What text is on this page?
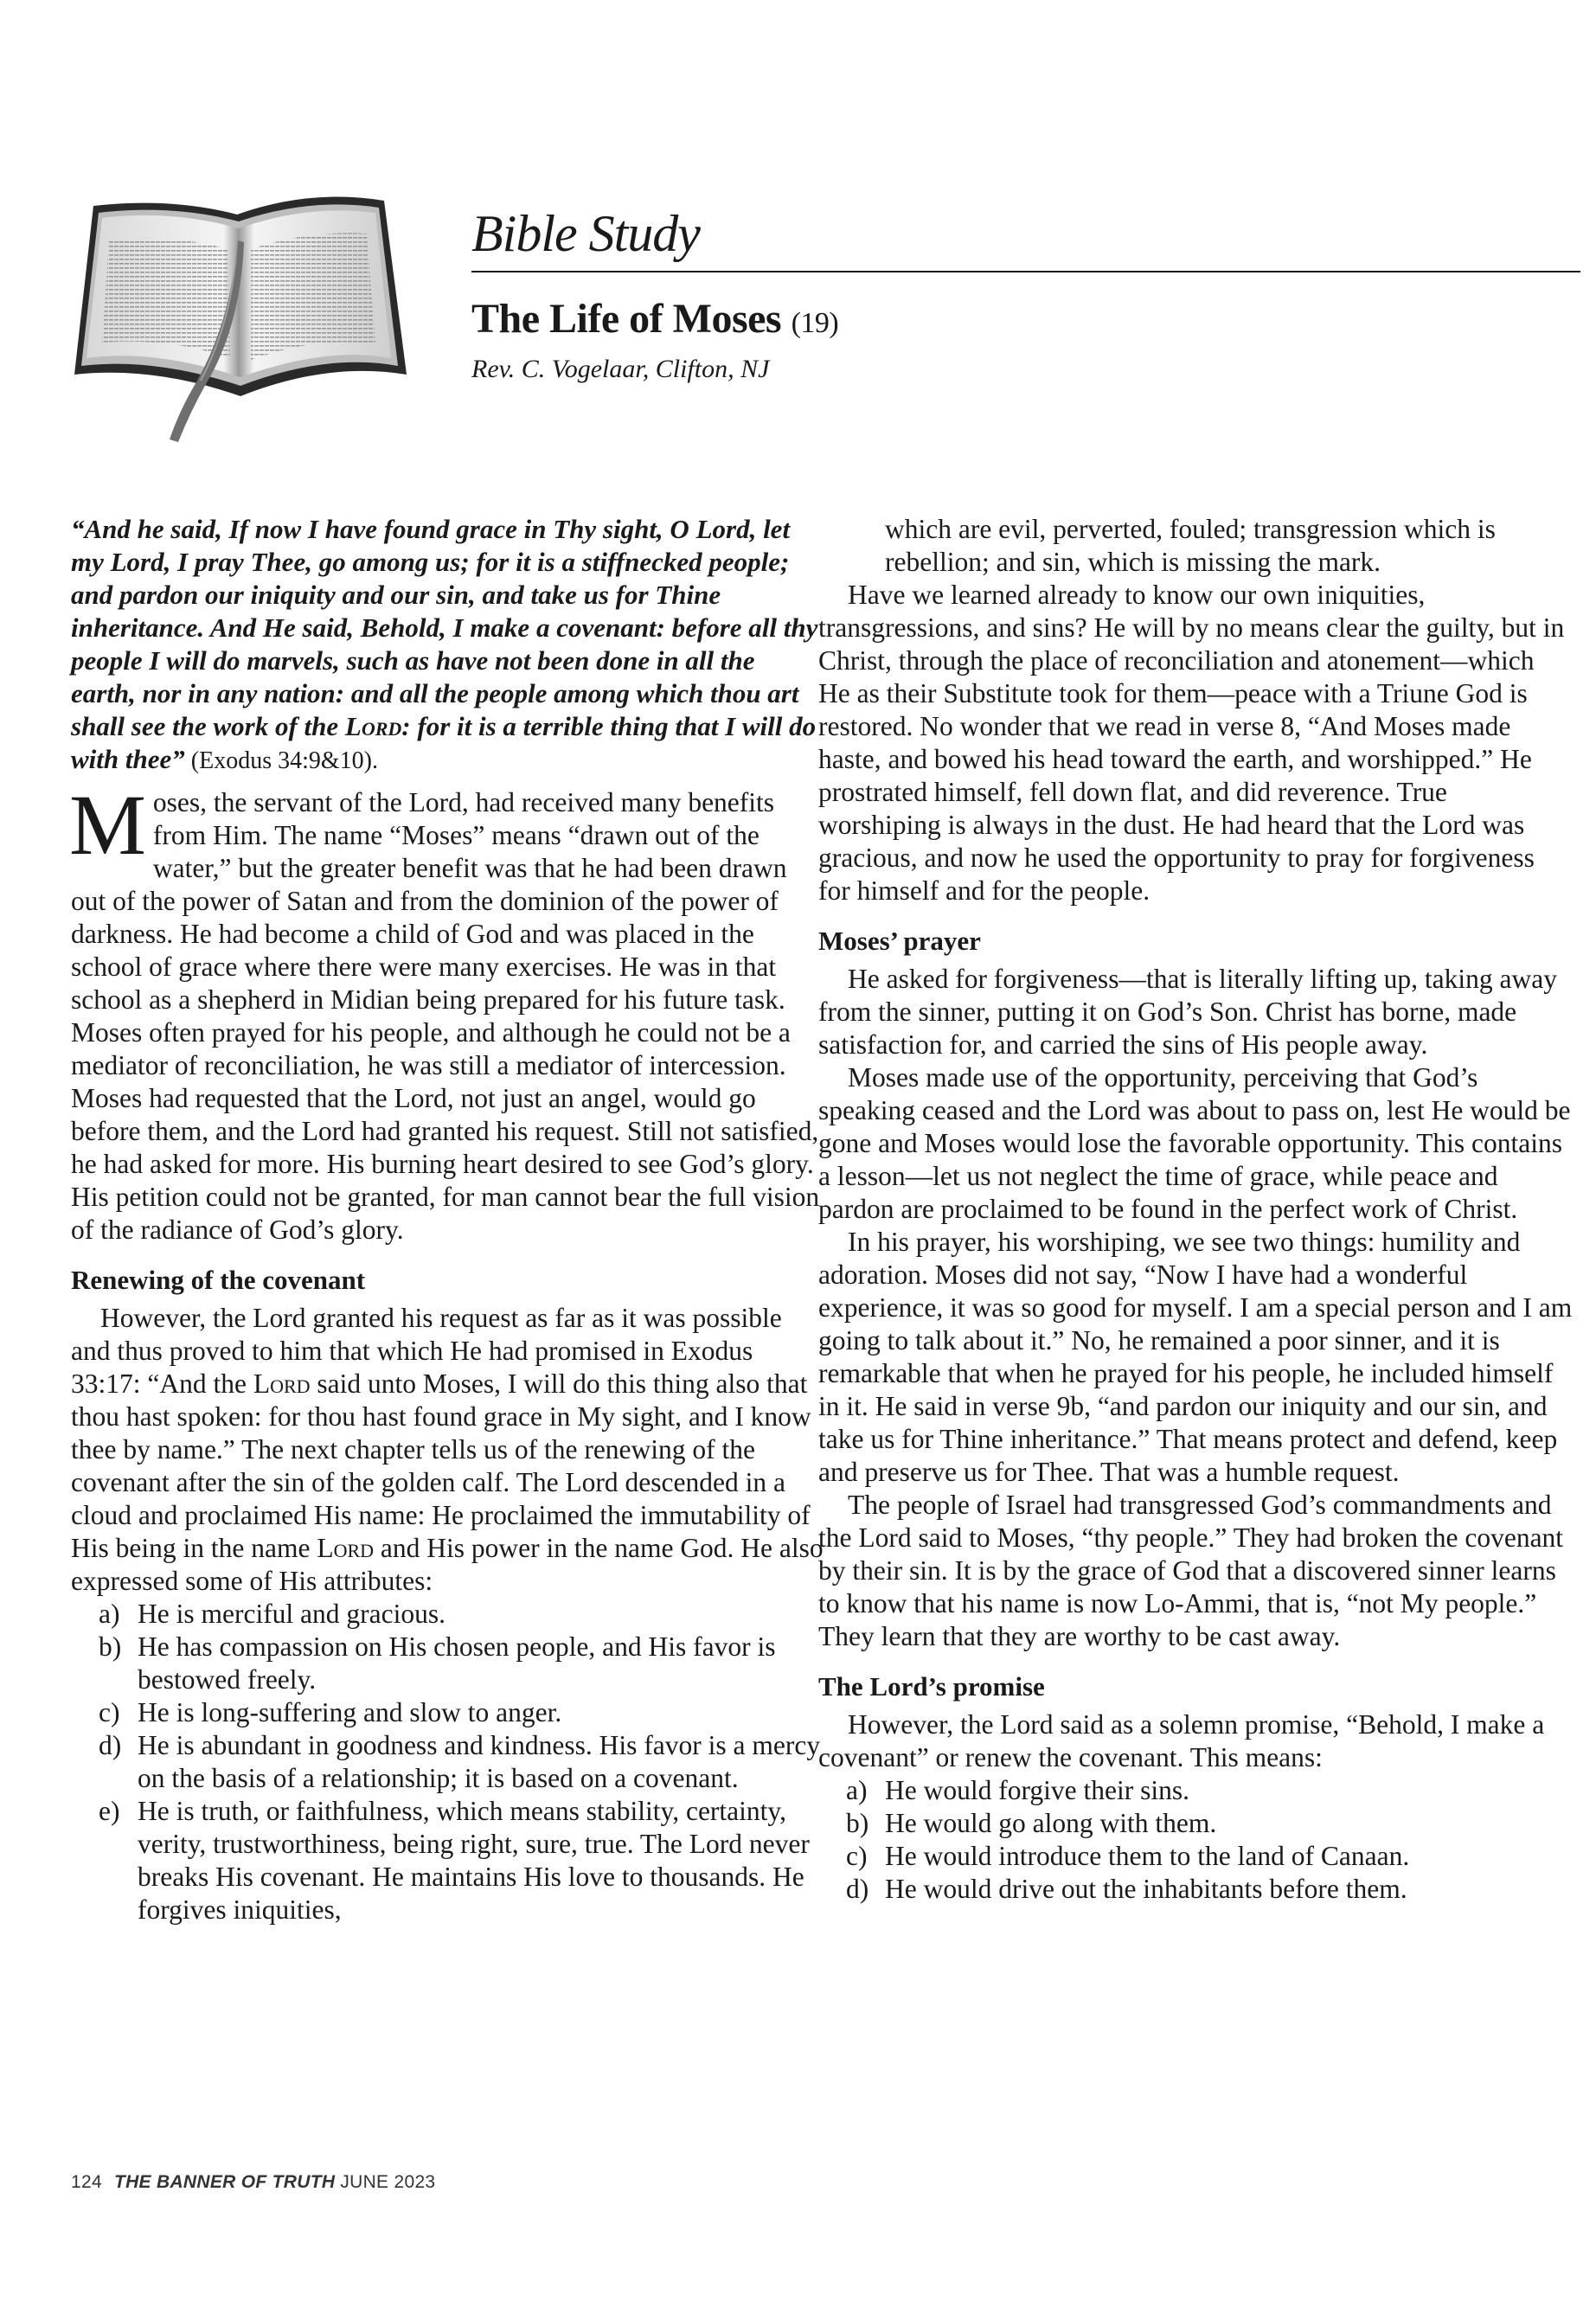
Bible Study
The Life of Moses (19)
Rev. C. Vogelaar, Clifton, NJ

“And he said, If now I have found grace in Thy sight, O Lord, let my Lord, I pray Thee, go among us; for it is a stiffnecked people; and pardon our iniquity and our sin, and take us for Thine inheritance. And He said, Behold, I make a covenant: before all thy people I will do marvels, such as have not been done in all the earth, nor in any nation: and all the people among which thou art shall see the work of the Lord: for it is a terrible thing that I will do with thee” (Exodus 34:9&10).

Moses, the servant of the Lord, had received many benefits from Him. The name “Moses” means “drawn out of the water,” but the greater benefit was that he had been drawn out of the power of Satan and from the dominion of the power of darkness. He had become a child of God and was placed in the school of grace where there were many exercises. He was in that school as a shepherd in Midian being prepared for his future task. Moses often prayed for his people, and although he could not be a mediator of reconciliation, he was still a mediator of intercession. Moses had requested that the Lord, not just an angel, would go before them, and the Lord had granted his request. Still not satisfied, he had asked for more. His burning heart desired to see God’s glory. His petition could not be granted, for man cannot bear the full vision of the radiance of God’s glory.

Renewing of the covenant

However, the Lord granted his request as far as it was possible and thus proved to him that which He had promised in Exodus 33:17: “And the Lord said unto Moses, I will do this thing also that thou hast spoken: for thou hast found grace in My sight, and I know thee by name.” The next chapter tells us of the renewing of the covenant after the sin of the golden calf. The Lord descended in a cloud and proclaimed His name: He proclaimed the immutability of His being in the name Lord and His power in the name God. He also expressed some of His attributes:

a) He is merciful and gracious.
b) He has compassion on His chosen people, and His favor is bestowed freely.
c) He is long-suffering and slow to anger.
d) He is abundant in goodness and kindness. His favor is a mercy on the basis of a relationship; it is based on a covenant.
e) He is truth, or faithfulness, which means stability, certainty, verity, trustworthiness, being right, sure, true. The Lord never breaks His covenant. He maintains His love to thousands. He forgives iniquities,

which are evil, perverted, fouled; transgression which is rebellion; and sin, which is missing the mark.

Have we learned already to know our own iniquities, transgressions, and sins? He will by no means clear the guilty, but in Christ, through the place of reconciliation and atonement—which He as their Substitute took for them—peace with a Triune God is restored. No wonder that we read in verse 8, “And Moses made haste, and bowed his head toward the earth, and worshipped.” He prostrated himself, fell down flat, and did reverence. True worshiping is always in the dust. He had heard that the Lord was gracious, and now he used the opportunity to pray for forgiveness for himself and for the people.

Moses’ prayer

He asked for forgiveness—that is literally lifting up, taking away from the sinner, putting it on God’s Son. Christ has borne, made satisfaction for, and carried the sins of His people away.

Moses made use of the opportunity, perceiving that God’s speaking ceased and the Lord was about to pass on, lest He would be gone and Moses would lose the favorable opportunity. This contains a lesson—let us not neglect the time of grace, while peace and pardon are proclaimed to be found in the perfect work of Christ.

In his prayer, his worshiping, we see two things: humility and adoration. Moses did not say, “Now I have had a wonderful experience, it was so good for myself. I am a special person and I am going to talk about it.” No, he remained a poor sinner, and it is remarkable that when he prayed for his people, he included himself in it. He said in verse 9b, “and pardon our iniquity and our sin, and take us for Thine inheritance.” That means protect and defend, keep and preserve us for Thee. That was a humble request.

The people of Israel had transgressed God’s commandments and the Lord said to Moses, “thy people.” They had broken the covenant by their sin. It is by the grace of God that a discovered sinner learns to know that his name is now Lo-Ammi, that is, “not My people.” They learn that they are worthy to be cast away.

The Lord’s promise

However, the Lord said as a solemn promise, “Behold, I make a covenant” or renew the covenant. This means:

a) He would forgive their sins.
b) He would go along with them.
c) He would introduce them to the land of Canaan.
d) He would drive out the inhabitants before them.
124 THE BANNER OF TRUTH JUNE 2023
